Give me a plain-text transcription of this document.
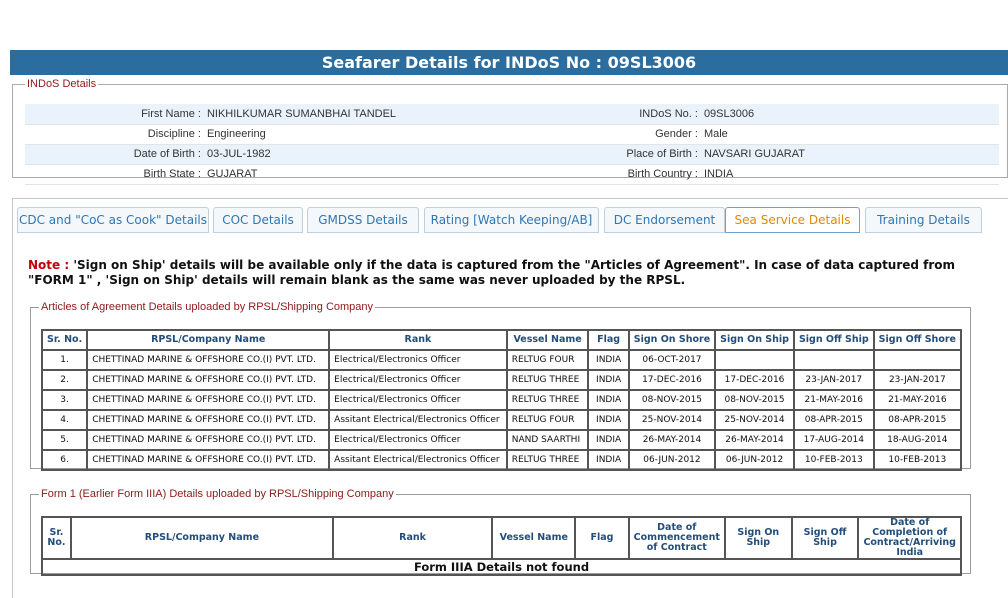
Seafarer Details for INDoS No : 09SL3006
INDoS Details
First Name :	NIKHILKUMAR SUMANBHAI TANDEL	INDoS No. :	09SL3006
Discipline :	Engineering	Gender :	Male
Date of Birth :	03-JUL-1982	Place of Birth :	NAVSARI GUJARAT
Birth State :	GUJARAT	Birth Country :	INDIA
CDC and "CoC as Cook" Details	COC Details	GMDSS Details	Rating [Watch Keeping/AB]	DC Endorsement	Sea Service Details	Training Details
Note : 'Sign on Ship' details will be available only if the data is captured from the "Articles of Agreement". In case of data captured from "FORM 1" , 'Sign on Ship' details will remain blank as the same was never uploaded by the RPSL.
Articles of Agreement Details uploaded by RPSL/Shipping Company
Sr. No.	RPSL/Company Name	Rank	Vessel Name	Flag	Sign On Shore	Sign On Ship	Sign Off Ship	Sign Off Shore
1.	CHETTINAD MARINE & OFFSHORE CO.(I) PVT. LTD.	Electrical/Electronics Officer	RELTUG FOUR	INDIA	06-OCT-2017			
2.	CHETTINAD MARINE & OFFSHORE CO.(I) PVT. LTD.	Electrical/Electronics Officer	RELTUG THREE	INDIA	17-DEC-2016	17-DEC-2016	23-JAN-2017	23-JAN-2017
3.	CHETTINAD MARINE & OFFSHORE CO.(I) PVT. LTD.	Electrical/Electronics Officer	RELTUG THREE	INDIA	08-NOV-2015	08-NOV-2015	21-MAY-2016	21-MAY-2016
4.	CHETTINAD MARINE & OFFSHORE CO.(I) PVT. LTD.	Assitant Electrical/Electronics Officer	RELTUG FOUR	INDIA	25-NOV-2014	25-NOV-2014	08-APR-2015	08-APR-2015
5.	CHETTINAD MARINE & OFFSHORE CO.(I) PVT. LTD.	Electrical/Electronics Officer	NAND SAARTHI	INDIA	26-MAY-2014	26-MAY-2014	17-AUG-2014	18-AUG-2014
6.	CHETTINAD MARINE & OFFSHORE CO.(I) PVT. LTD.	Assitant Electrical/Electronics Officer	RELTUG THREE	INDIA	06-JUN-2012	06-JUN-2012	10-FEB-2013	10-FEB-2013
Form 1 (Earlier Form IIIA) Details uploaded by RPSL/Shipping Company
Sr. No.	RPSL/Company Name	Rank	Vessel Name	Flag	Date of Commencement of Contract	Sign On Ship	Sign Off Ship	Date of Completion of Contract/Arriving India
Form IIIA Details not found
